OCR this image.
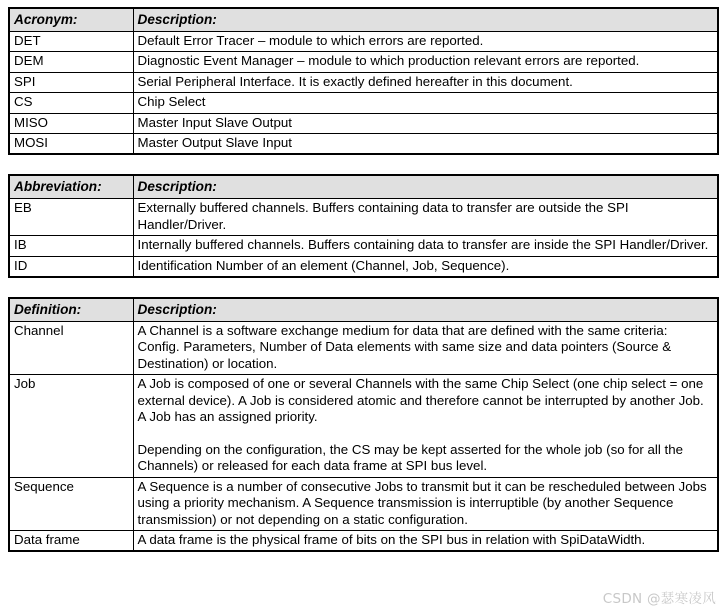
Acronym:	Description:
DET	Default Error Tracer – module to which errors are reported.

DEM	Diagnostic Event Manager – module to which production relevant errors are reported.

SPI	Serial Peripheral Interface. It is exactly defined hereafter in this document.

CS	Chip Select

MISO	Master Input Slave Output

MOSI	Master Output Slave Input

Abbreviation:	Description:
EB	Externally buffered channels. Buffers containing data to transfer are outside the SPI Handler/Driver.

IB	Internally buffered channels. Buffers containing data to transfer are inside the SPI Handler/Driver.

ID	Identification Number of an element (Channel, Job, Sequence).

Definition:	Description:
Channel	A Channel is a software exchange medium for data that are defined with the same criteria: Config. Parameters, Number of Data elements with same size and data pointers (Source & Destination) or location.

Job	A Job is composed of one or several Channels with the same Chip Select (one chip select = one external device). A Job is considered atomic and therefore cannot be interrupted by another Job. A Job has an assigned priority.

Depending on the configuration, the CS may be kept asserted for the whole job (so for all the Channels) or released for each data frame at SPI bus level.

Sequence	A Sequence is a number of consecutive Jobs to transmit but it can be rescheduled between Jobs using a priority mechanism. A Sequence transmission is interruptible (by another Sequence transmission) or not depending on a static configuration.

Data frame	A data frame is the physical frame of bits on the SPI bus in relation with SpiDataWidth.

CSDN @瑟寒凌风
